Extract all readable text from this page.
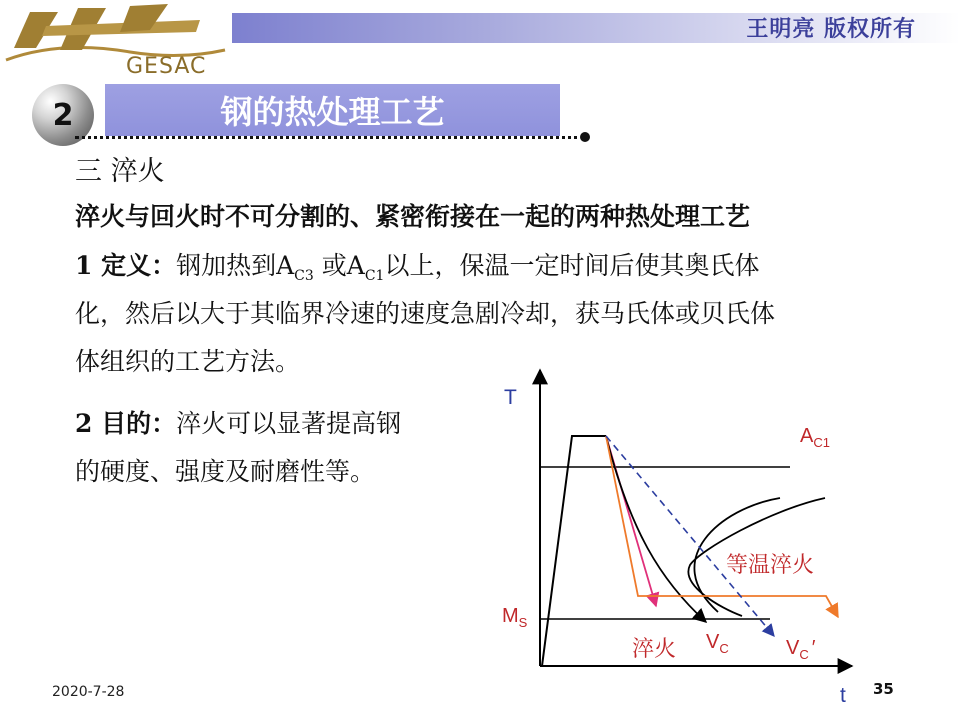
GESAC
王明亮 版权所有
2	钢的热处理工艺
三 淬火
淬火与回火时不可分割的、紧密衔接在一起的两种热处理工艺
1 定义：钢加热到$A_{C3}$ 或$A_{C1}$以上，保温一定时间后使其奥氏体
化，然后以大于其临界冷速的速度急剧冷却，获马氏体或贝氏体
体组织的工艺方法。
2 目的：淬火可以显著提高钢
的硬度、强度及耐磨性等。
T
t
$A_{C1}$
$M_S$
等温淬火
淬火 $V_C$	$V_C$ ′
2020-7-28	35
